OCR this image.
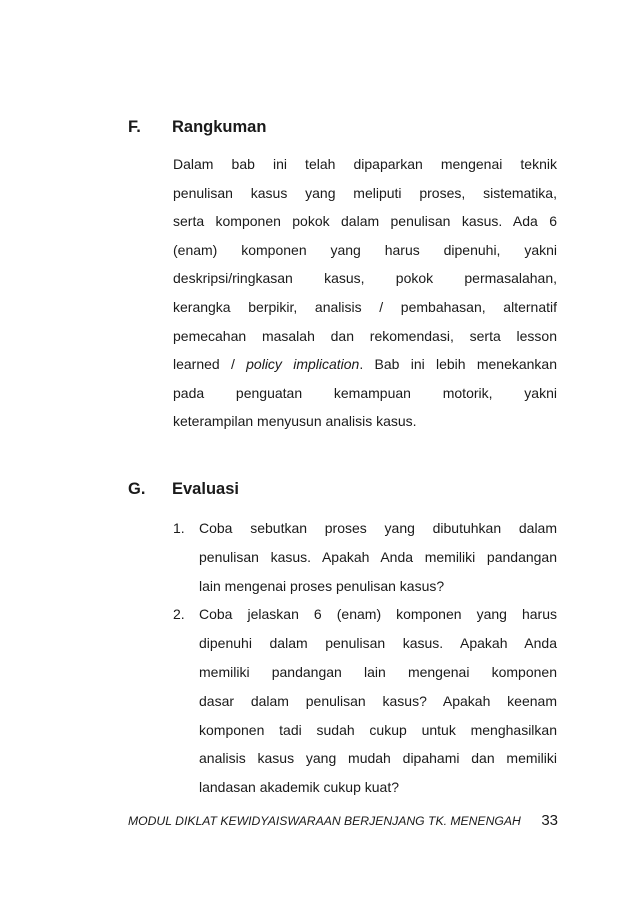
F. Rangkuman
Dalam bab ini telah dipaparkan mengenai teknik
penulisan kasus yang meliputi proses, sistematika,
serta komponen pokok dalam penulisan kasus. Ada 6
(enam) komponen yang harus dipenuhi, yakni
deskripsi/ringkasan kasus, pokok permasalahan,
kerangka berpikir, analisis / pembahasan, alternatif
pemecahan masalah dan rekomendasi, serta lesson
learned / policy implication. Bab ini lebih menekankan
pada penguatan kemampuan motorik, yakni
keterampilan menyusun analisis kasus.
G. Evaluasi
1. Coba sebutkan proses yang dibutuhkan dalam
penulisan kasus. Apakah Anda memiliki pandangan
lain mengenai proses penulisan kasus?
2. Coba jelaskan 6 (enam) komponen yang harus
dipenuhi dalam penulisan kasus. Apakah Anda
memiliki pandangan lain mengenai komponen
dasar dalam penulisan kasus? Apakah keenam
komponen tadi sudah cukup untuk menghasilkan
analisis kasus yang mudah dipahami dan memiliki
landasan akademik cukup kuat?
MODUL DIKLAT KEWIDYAISWARAAN BERJENJANG TK. MENENGAH 33
